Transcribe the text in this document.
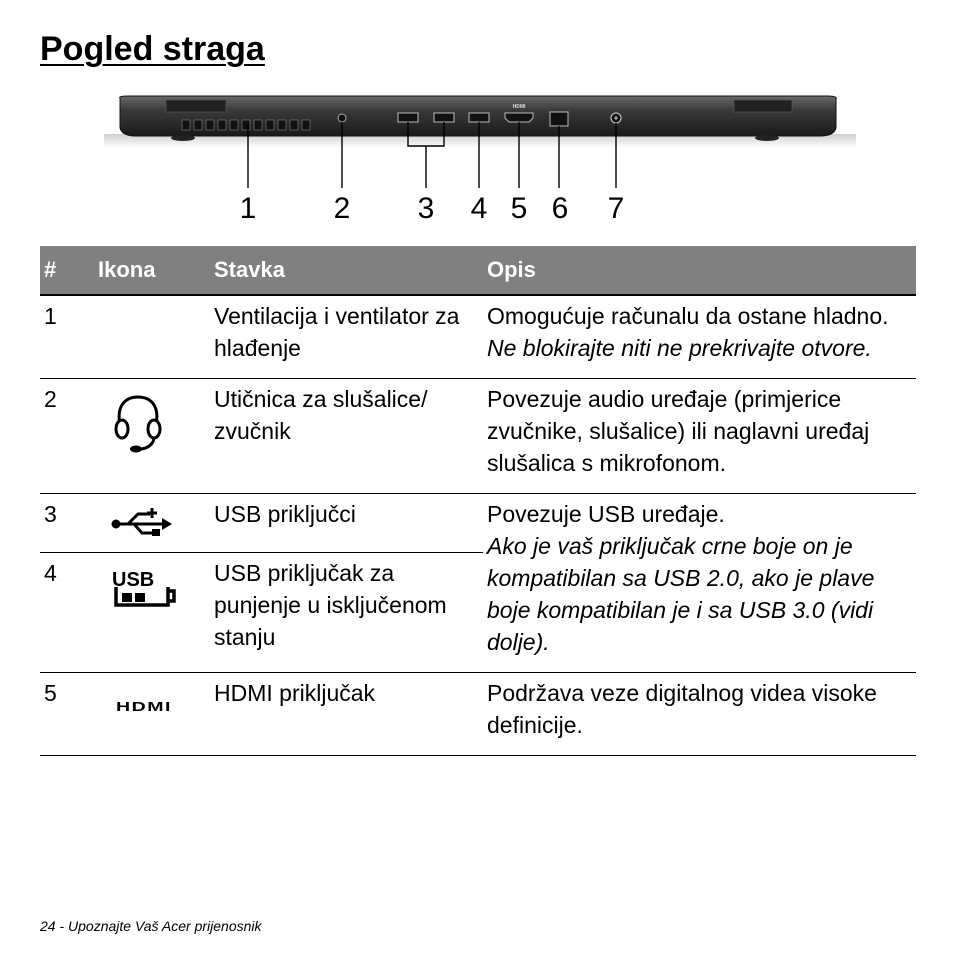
Pogled straga
HDMI
1	2 3 4 5 6 7
#	Ikona	Stavka	Opis
1		Ventilacija i ventilator za hlađenje	Omogućuje računalu da ostane hladno.
Ne blokirajte niti ne prekrivajte otvore.

2		Utičnica za slušalice/ zvučnik	Povezuje audio uređaje (primjerice zvučnike, slušalice) ili naglavni uređaj slušalica s mikrofonom.
3		USB priključci	Povezuje USB uređaje.
Ako je vaš priključak crne boje on je kompatibilan sa USB 2.0, ako je plave boje kompatibilan je i sa USB 3.0 (vidi dolje).

4	USB	USB priključak za punjenje u isključenom stanju	
5	HDMI	HDMI priključak	Podržava veze digitalnog videa visoke definicije.
24 - Upoznajte Vaš Acer prijenosnik
